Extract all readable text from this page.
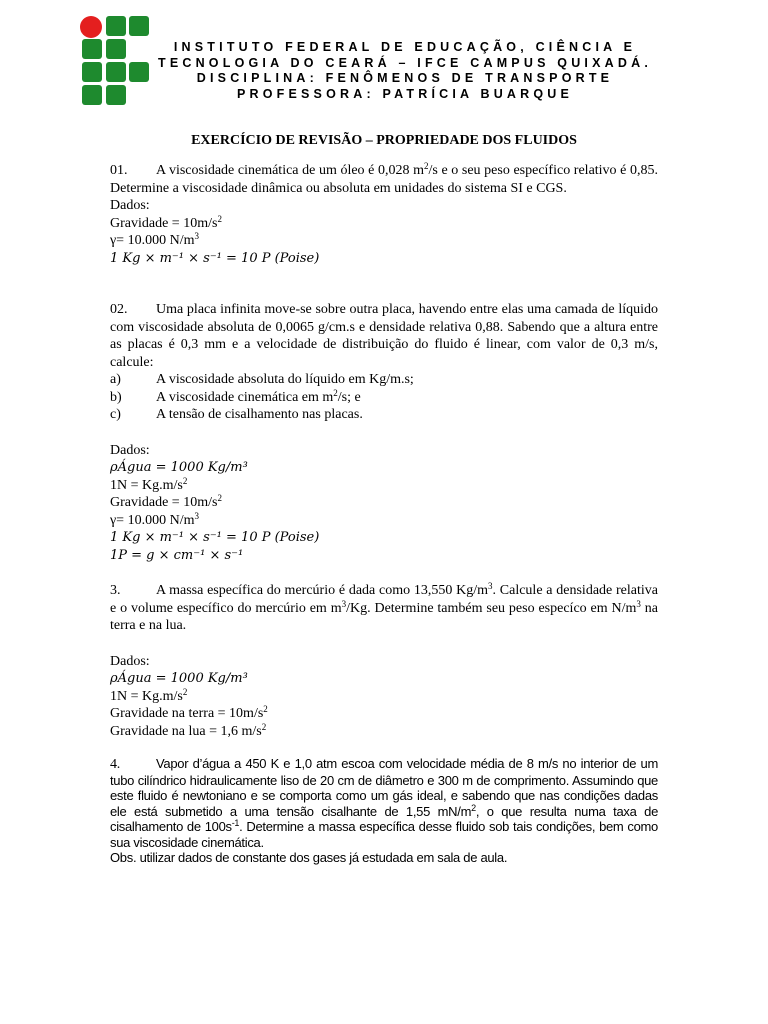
INSTITUTO FEDERAL DE EDUCAÇÃO, CIÊNCIA E
TECNOLOGIA DO CEARÁ – IFCE CAMPUS QUIXADÁ.
DISCIPLINA: FENÔMENOS DE TRANSPORTE
PROFESSORA: PATRÍCIA BUARQUE
EXERCÍCIO DE REVISÃO – PROPRIEDADE DOS FLUIDOS

01. A viscosidade cinemática de um óleo é 0,028 $m^2/s$ e o seu peso específico relativo é 0,85. Determine a viscosidade dinâmica ou absoluta em unidades do sistema SI e CGS.

Dados:

Gravidade = $10m/s^2$

γ= 10.000 $N/m^3$

1 Kg × m⁻¹ × s⁻¹ = 10 P (Poise)

02. Uma placa infinita move-se sobre outra placa, havendo entre elas uma camada de líquido com viscosidade absoluta de 0,0065 g/cm.s e densidade relativa 0,88. Sabendo que a altura entre as placas é 0,3 mm e a velocidade de distribuição do fluido é linear, com valor de 0,3 m/s, calcule:

a)	A viscosidade absoluta do líquido em Kg/m.s;
b)	A viscosidade cinemática em $m^2/s$; e
c)	A tensão de cisalhamento nas placas.

Dados:

ρÁgua = 1000 Kg/m³

$1N = Kg.m/s^2$

Gravidade = $10m/s^2$

γ= 10.000 $N/m^3$

1 Kg × m⁻¹ × s⁻¹ = 10 P (Poise)

1P = g × cm⁻¹ × s⁻¹

3.	A massa específica do mercúrio é dada como 13,550 $Kg/m^3$. Calcule a densidade relativa e o volume específico do mercúrio em $m^3/Kg$. Determine também seu peso especíco em $N/m^3$ na terra e na lua.

Dados:

ρÁgua = 1000 Kg/m³

$1N = Kg.m/s^2$

Gravidade na terra = $10m/s^2$

Gravidade na lua = 1,6 $m/s^2$

4.	Vapor d’água a 450 K e 1,0 atm escoa com velocidade média de 8 m/s no interior de um tubo cilíndrico hidraulicamente liso de 20 cm de diâmetro e 300 m de comprimento. Assumindo que este fluido é newtoniano e se comporta como um gás ideal, e sabendo que nas condições dadas ele está submetido a uma tensão cisalhante de 1,55 $mN/m^2$, o que resulta numa taxa de cisalhamento de $100s^{-1}$. Determine a massa específica desse fluido sob tais condições, bem como sua viscosidade cinemática.
Obs. utilizar dados de constante dos gases já estudada em sala de aula.
